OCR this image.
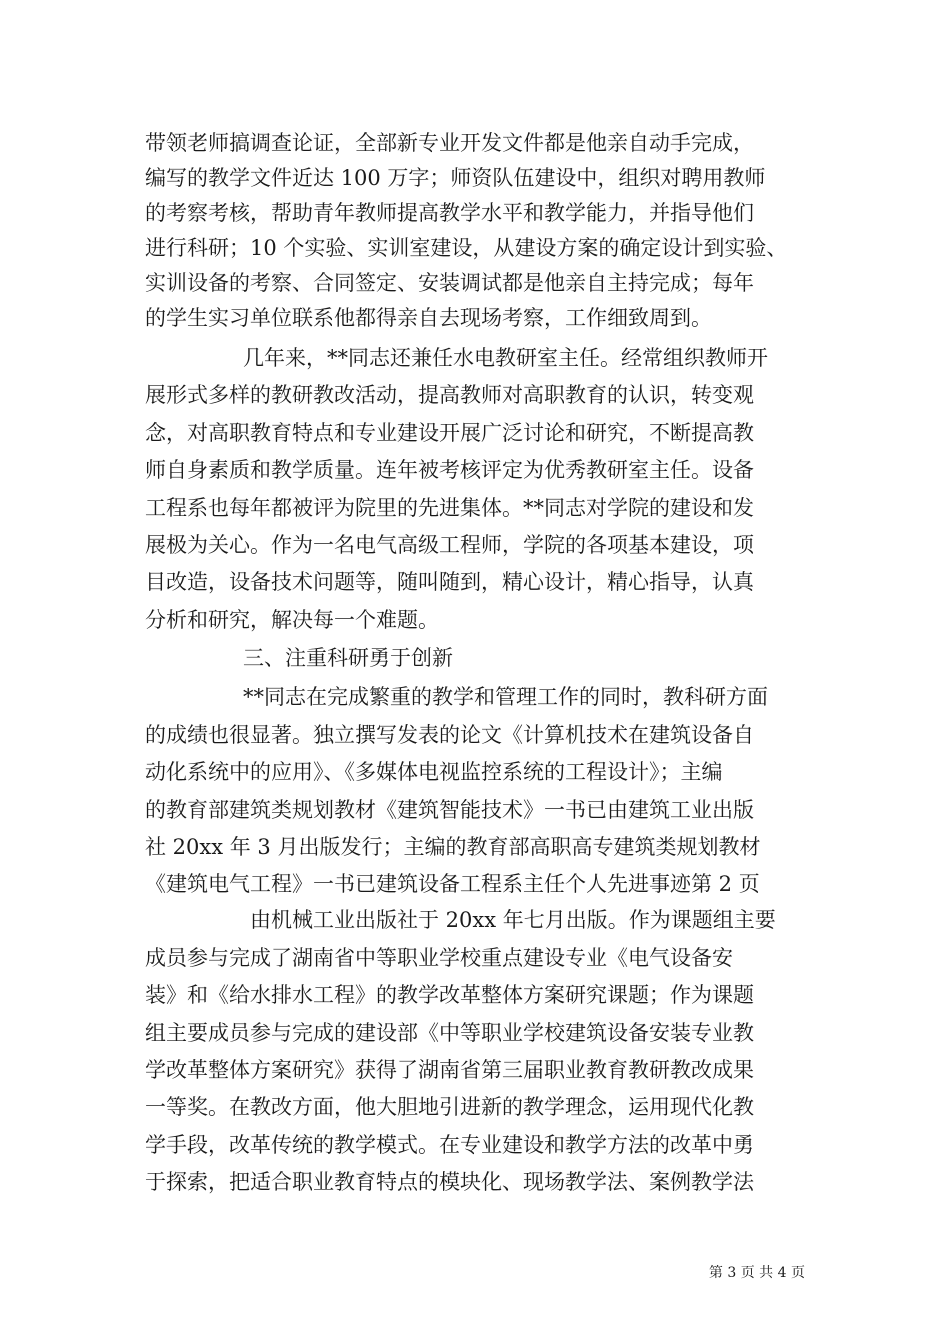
带领老师搞调查论证，全部新专业开发文件都是他亲自动手完成，
编写的教学文件近达 100 万字；师资队伍建设中，组织对聘用教师
的考察考核，帮助青年教师提高教学水平和教学能力，并指导他们
进行科研；10 个实验、实训室建设，从建设方案的确定设计到实验、
实训设备的考察、合同签定、安装调试都是他亲自主持完成；每年
的学生实习单位联系他都得亲自去现场考察，工作细致周到。
几年来，**同志还兼任水电教研室主任。经常组织教师开
展形式多样的教研教改活动，提高教师对高职教育的认识，转变观
念，对高职教育特点和专业建设开展广泛讨论和研究，不断提高教
师自身素质和教学质量。连年被考核评定为优秀教研室主任。设备
工程系也每年都被评为院里的先进集体。**同志对学院的建设和发
展极为关心。作为一名电气高级工程师，学院的各项基本建设，项
目改造，设备技术问题等，随叫随到，精心设计，精心指导，认真
分析和研究，解决每一个难题。
三、注重科研勇于创新
**同志在完成繁重的教学和管理工作的同时，教科研方面
的成绩也很显著。独立撰写发表的论文《计算机技术在建筑设备自
动化系统中的应用》、《多媒体电视监控系统的工程设计》；主编
的教育部建筑类规划教材《建筑智能技术》一书已由建筑工业出版
社 20xx 年 3 月出版发行；主编的教育部高职高专建筑类规划教材
《建筑电气工程》一书已建筑设备工程系主任个人先进事迹第 2 页
由机械工业出版社于 20xx 年七月出版。作为课题组主要
成员参与完成了湖南省中等职业学校重点建设专业《电气设备安
装》和《给水排水工程》的教学改革整体方案研究课题；作为课题
组主要成员参与完成的建设部《中等职业学校建筑设备安装专业教
学改革整体方案研究》获得了湖南省第三届职业教育教研教改成果
一等奖。在教改方面，他大胆地引进新的教学理念，运用现代化教
学手段，改革传统的教学模式。在专业建设和教学方法的改革中勇
于探索，把适合职业教育特点的模块化、现场教学法、案例教学法
第 3 页 共 4 页
